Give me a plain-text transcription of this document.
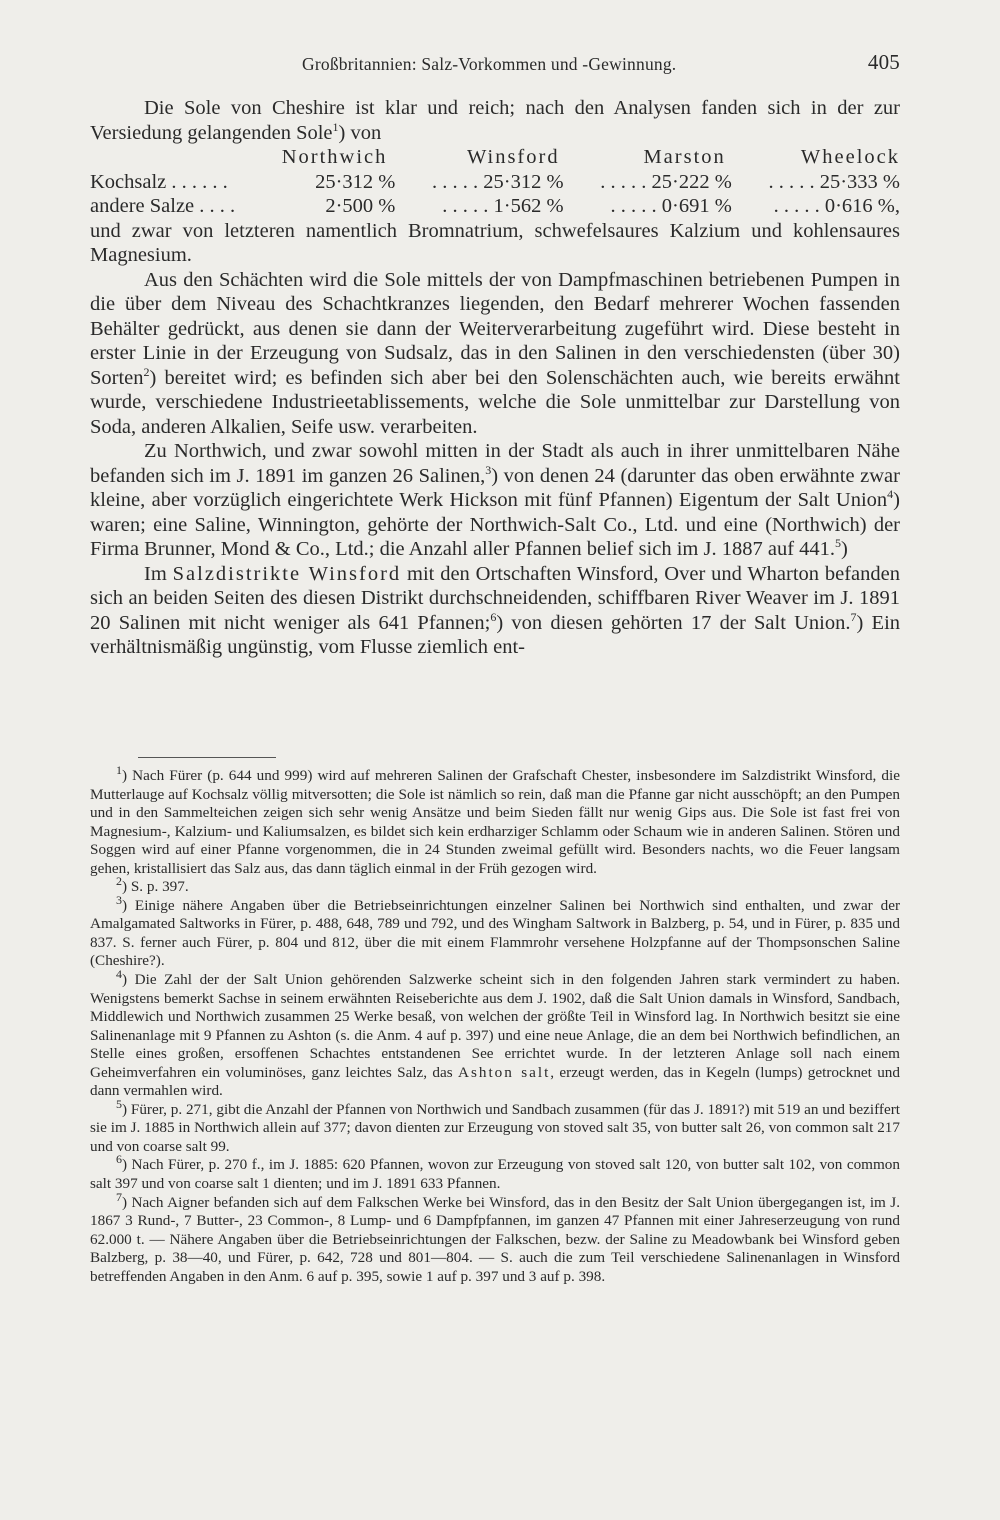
Großbritannien: Salz-Vorkommen und -Gewinnung.	405

Die Sole von Cheshire ist klar und reich; nach den Analysen fanden sich in der zur Versiedung gelangenden Sole$^1$) von

	Northwich	Winsford	Marston	Wheelock
Kochsalz . . . . . .	25·312 %	. . . . . 25·312 %	. . . . . 25·222 %	. . . . . 25·333 %
andere Salze . . . .	2·500 %	. . . . . 1·562 %	. . . . . 0·691 %	. . . . . 0·616 %,

und zwar von letzteren namentlich Bromnatrium, schwefelsaures Kalzium und kohlensaures Magnesium.

Aus den Schächten wird die Sole mittels der von Dampfmaschinen betriebenen Pumpen in die über dem Niveau des Schachtkranzes liegenden, den Bedarf mehrerer Wochen fassenden Behälter gedrückt, aus denen sie dann der Weiterverarbeitung zugeführt wird. Diese besteht in erster Linie in der Erzeugung von Sudsalz, das in den Salinen in den verschiedensten (über 30) Sorten$^2$) bereitet wird; es befinden sich aber bei den Solenschächten auch, wie bereits erwähnt wurde, verschiedene Industrieetablissements, welche die Sole unmittelbar zur Darstellung von Soda, anderen Alkalien, Seife usw. verarbeiten.

Zu Northwich, und zwar sowohl mitten in der Stadt als auch in ihrer unmittelbaren Nähe befanden sich im J. 1891 im ganzen 26 Salinen,$^3$) von denen 24 (darunter das oben erwähnte zwar kleine, aber vorzüglich eingerichtete Werk Hickson mit fünf Pfannen) Eigentum der Salt Union$^4$) waren; eine Saline, Winnington, gehörte der Northwich-Salt Co., Ltd. und eine (Northwich) der Firma Brunner, Mond & Co., Ltd.; die Anzahl aller Pfannen belief sich im J. 1887 auf 441.$^5$)

Im Salzdistrikte Winsford mit den Ortschaften Winsford, Over und Wharton befanden sich an beiden Seiten des diesen Distrikt durchschneidenden, schiffbaren River Weaver im J. 1891 20 Salinen mit nicht weniger als 641 Pfannen;$^6$) von diesen gehörten 17 der Salt Union.$^7$) Ein verhältnismäßig ungünstig, vom Flusse ziemlich ent-

$^1$) Nach Fürer (p. 644 und 999) wird auf mehreren Salinen der Grafschaft Chester, insbesondere im Salzdistrikt Winsford, die Mutterlauge auf Kochsalz völlig mitversotten; die Sole ist nämlich so rein, daß man die Pfanne gar nicht ausschöpft; an den Pumpen und in den Sammelteichen zeigen sich sehr wenig Ansätze und beim Sieden fällt nur wenig Gips aus. Die Sole ist fast frei von Magnesium-, Kalzium- und Kaliumsalzen, es bildet sich kein erdharziger Schlamm oder Schaum wie in anderen Salinen. Stören und Soggen wird auf einer Pfanne vorgenommen, die in 24 Stunden zweimal gefüllt wird. Besonders nachts, wo die Feuer langsam gehen, kristallisiert das Salz aus, das dann täglich einmal in der Früh gezogen wird.

$^2$) S. p. 397.

$^3$) Einige nähere Angaben über die Betriebseinrichtungen einzelner Salinen bei Northwich sind enthalten, und zwar der Amalgamated Saltworks in Fürer, p. 488, 648, 789 und 792, und des Wingham Saltwork in Balzberg, p. 54, und in Fürer, p. 835 und 837. S. ferner auch Fürer, p. 804 und 812, über die mit einem Flammrohr versehene Holzpfanne auf der Thompsonschen Saline (Cheshire?).

$^4$) Die Zahl der der Salt Union gehörenden Salzwerke scheint sich in den folgenden Jahren stark vermindert zu haben. Wenigstens bemerkt Sachse in seinem erwähnten Reiseberichte aus dem J. 1902, daß die Salt Union damals in Winsford, Sandbach, Middlewich und Northwich zusammen 25 Werke besaß, von welchen der größte Teil in Winsford lag. In Northwich besitzt sie eine Salinenanlage mit 9 Pfannen zu Ashton (s. die Anm. 4 auf p. 397) und eine neue Anlage, die an dem bei Northwich befindlichen, an Stelle eines großen, ersoffenen Schachtes entstandenen See errichtet wurde. In der letzteren Anlage soll nach einem Geheimverfahren ein voluminöses, ganz leichtes Salz, das Ashton salt, erzeugt werden, das in Kegeln (lumps) getrocknet und dann vermahlen wird.

$^5$) Fürer, p. 271, gibt die Anzahl der Pfannen von Northwich und Sandbach zusammen (für das J. 1891?) mit 519 an und beziffert sie im J. 1885 in Northwich allein auf 377; davon dienten zur Erzeugung von stoved salt 35, von butter salt 26, von common salt 217 und von coarse salt 99.

$^6$) Nach Fürer, p. 270 f., im J. 1885: 620 Pfannen, wovon zur Erzeugung von stoved salt 120, von butter salt 102, von common salt 397 und von coarse salt 1 dienten; und im J. 1891 633 Pfannen.

$^7$) Nach Aigner befanden sich auf dem Falkschen Werke bei Winsford, das in den Besitz der Salt Union übergegangen ist, im J. 1867 3 Rund-, 7 Butter-, 23 Common-, 8 Lump- und 6 Dampfpfannen, im ganzen 47 Pfannen mit einer Jahreserzeugung von rund 62.000 t. — Nähere Angaben über die Betriebseinrichtungen der Falkschen, bezw. der Saline zu Meadowbank bei Winsford geben Balzberg, p. 38—40, und Fürer, p. 642, 728 und 801—804. — S. auch die zum Teil verschiedene Salinenanlagen in Winsford betreffenden Angaben in den Anm. 6 auf p. 395, sowie 1 auf p. 397 und 3 auf p. 398.
